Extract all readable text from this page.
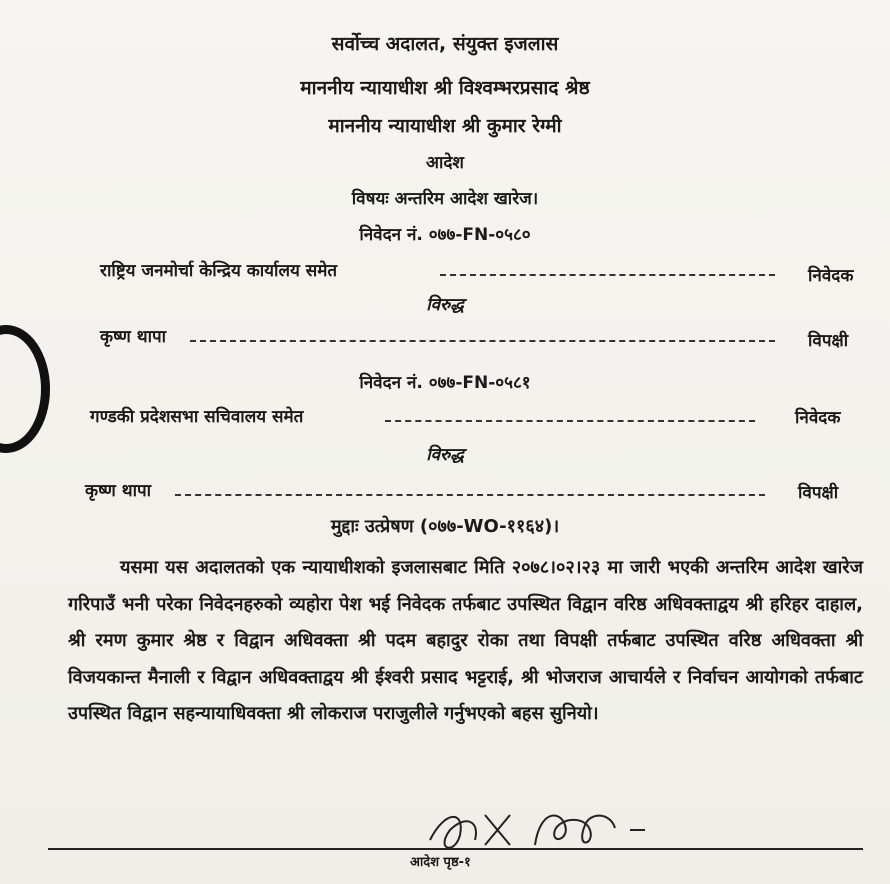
सर्वोच्च अदालत, संयुक्त इजलास
माननीय न्यायाधीश श्री विश्वम्भरप्रसाद श्रेष्ठ
माननीय न्यायाधीश श्री कुमार रेग्मी
आदेश
विषयः अन्तरिम आदेश खारेज।
निवेदन नं. ०७७-FN-०५८०
राष्ट्रिय जनमोर्चा केन्द्रिय कार्यालय समेत	निवेदक
विरुद्ध
कृष्ण थापा	विपक्षी
निवेदन नं. ०७७-FN-०५८१
गण्डकी प्रदेशसभा सचिवालय समेत	निवेदक
विरुद्ध
कृष्ण थापा	विपक्षी
मुद्दाः उत्प्रेषण (०७७-WO-११६४)।
यसमा यस अदालतको एक न्यायाधीशको इजलासबाट मिति २०७८।०२।२३ मा जारी भएकी अन्तरिम आदेश खारेज गरिपाउँ भनी परेका निवेदनहरुको व्यहोरा पेश भई निवेदक तर्फबाट उपस्थित विद्वान वरिष्ठ अधिवक्ताद्वय श्री हरिहर दाहाल, श्री रमण कुमार श्रेष्ठ र विद्वान अधिवक्ता श्री पदम बहादुर रोका तथा विपक्षी तर्फबाट उपस्थित वरिष्ठ अधिवक्ता श्री विजयकान्त मैनाली र विद्वान अधिवक्ताद्वय श्री ईश्वरी प्रसाद भट्टराई, श्री भोजराज आचार्यले र निर्वाचन आयोगको तर्फबाट उपस्थित विद्वान सहन्यायाधिवक्ता श्री लोकराज पराजुलीले गर्नुभएको बहस सुनियो।
आदेश पृष्ठ-१
